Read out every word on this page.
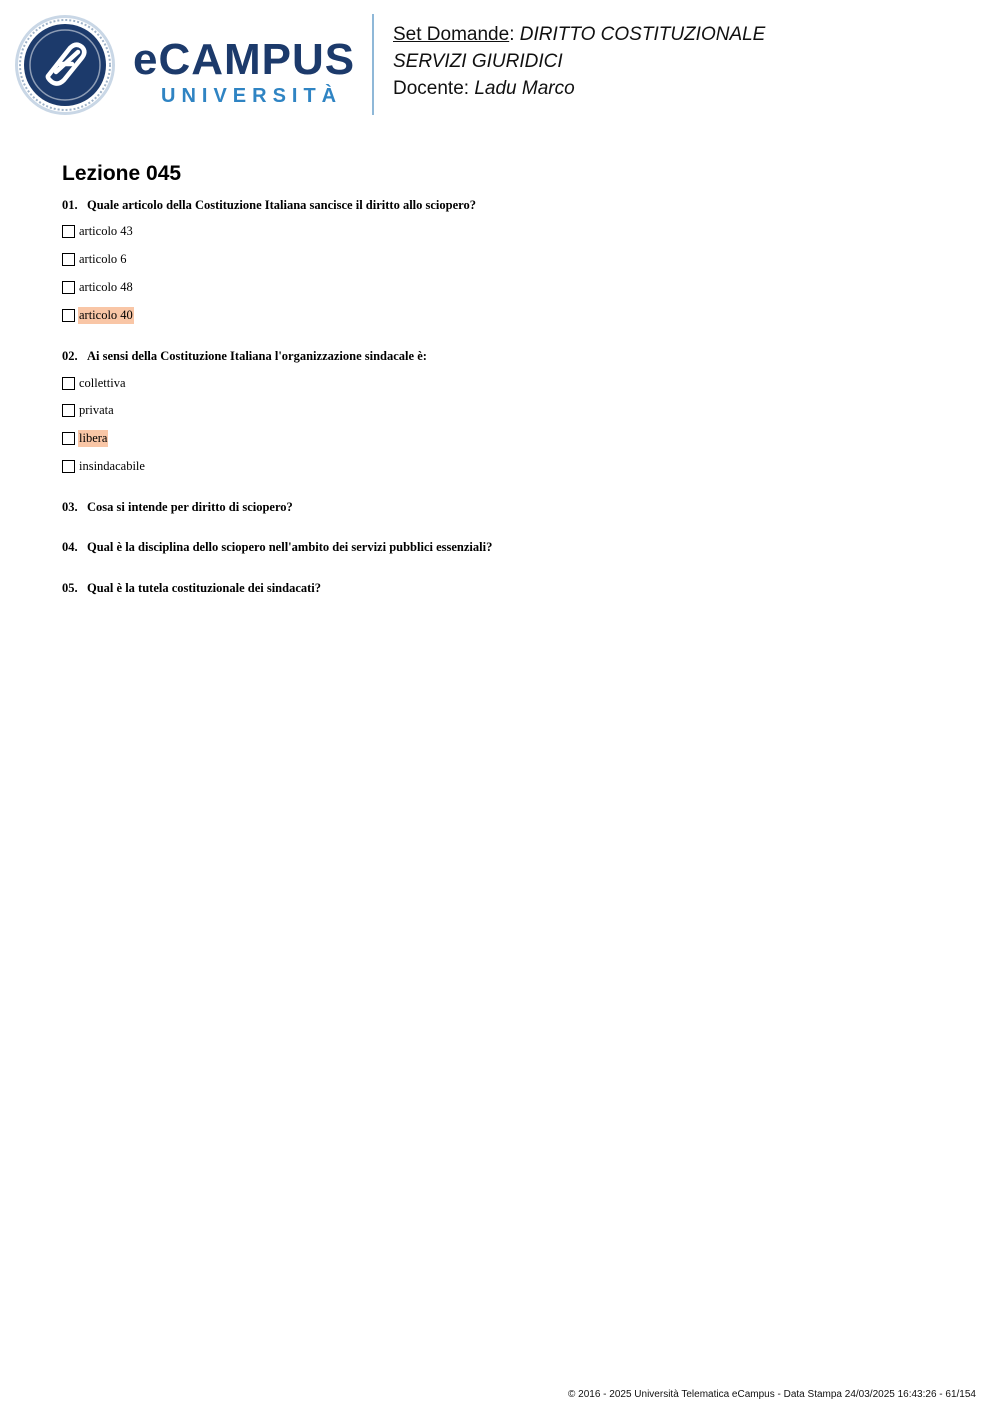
eCAMPUS
UNIVERSITÀ
Set Domande: DIRITTO COSTITUZIONALE
SERVIZI GIURIDICI
Docente: Ladu Marco
Lezione 045
01. Quale articolo della Costituzione Italiana sancisce il diritto allo sciopero?
articolo 43
articolo 6
articolo 48
articolo 40
02. Ai sensi della Costituzione Italiana l'organizzazione sindacale è:
collettiva
privata
libera
insindacabile
03. Cosa si intende per diritto di sciopero?
04. Qual è la disciplina dello sciopero nell'ambito dei servizi pubblici essenziali?
05. Qual è la tutela costituzionale dei sindacati?
© 2016 - 2025 Università Telematica eCampus - Data Stampa 24/03/2025 16:43:26 - 61/154
